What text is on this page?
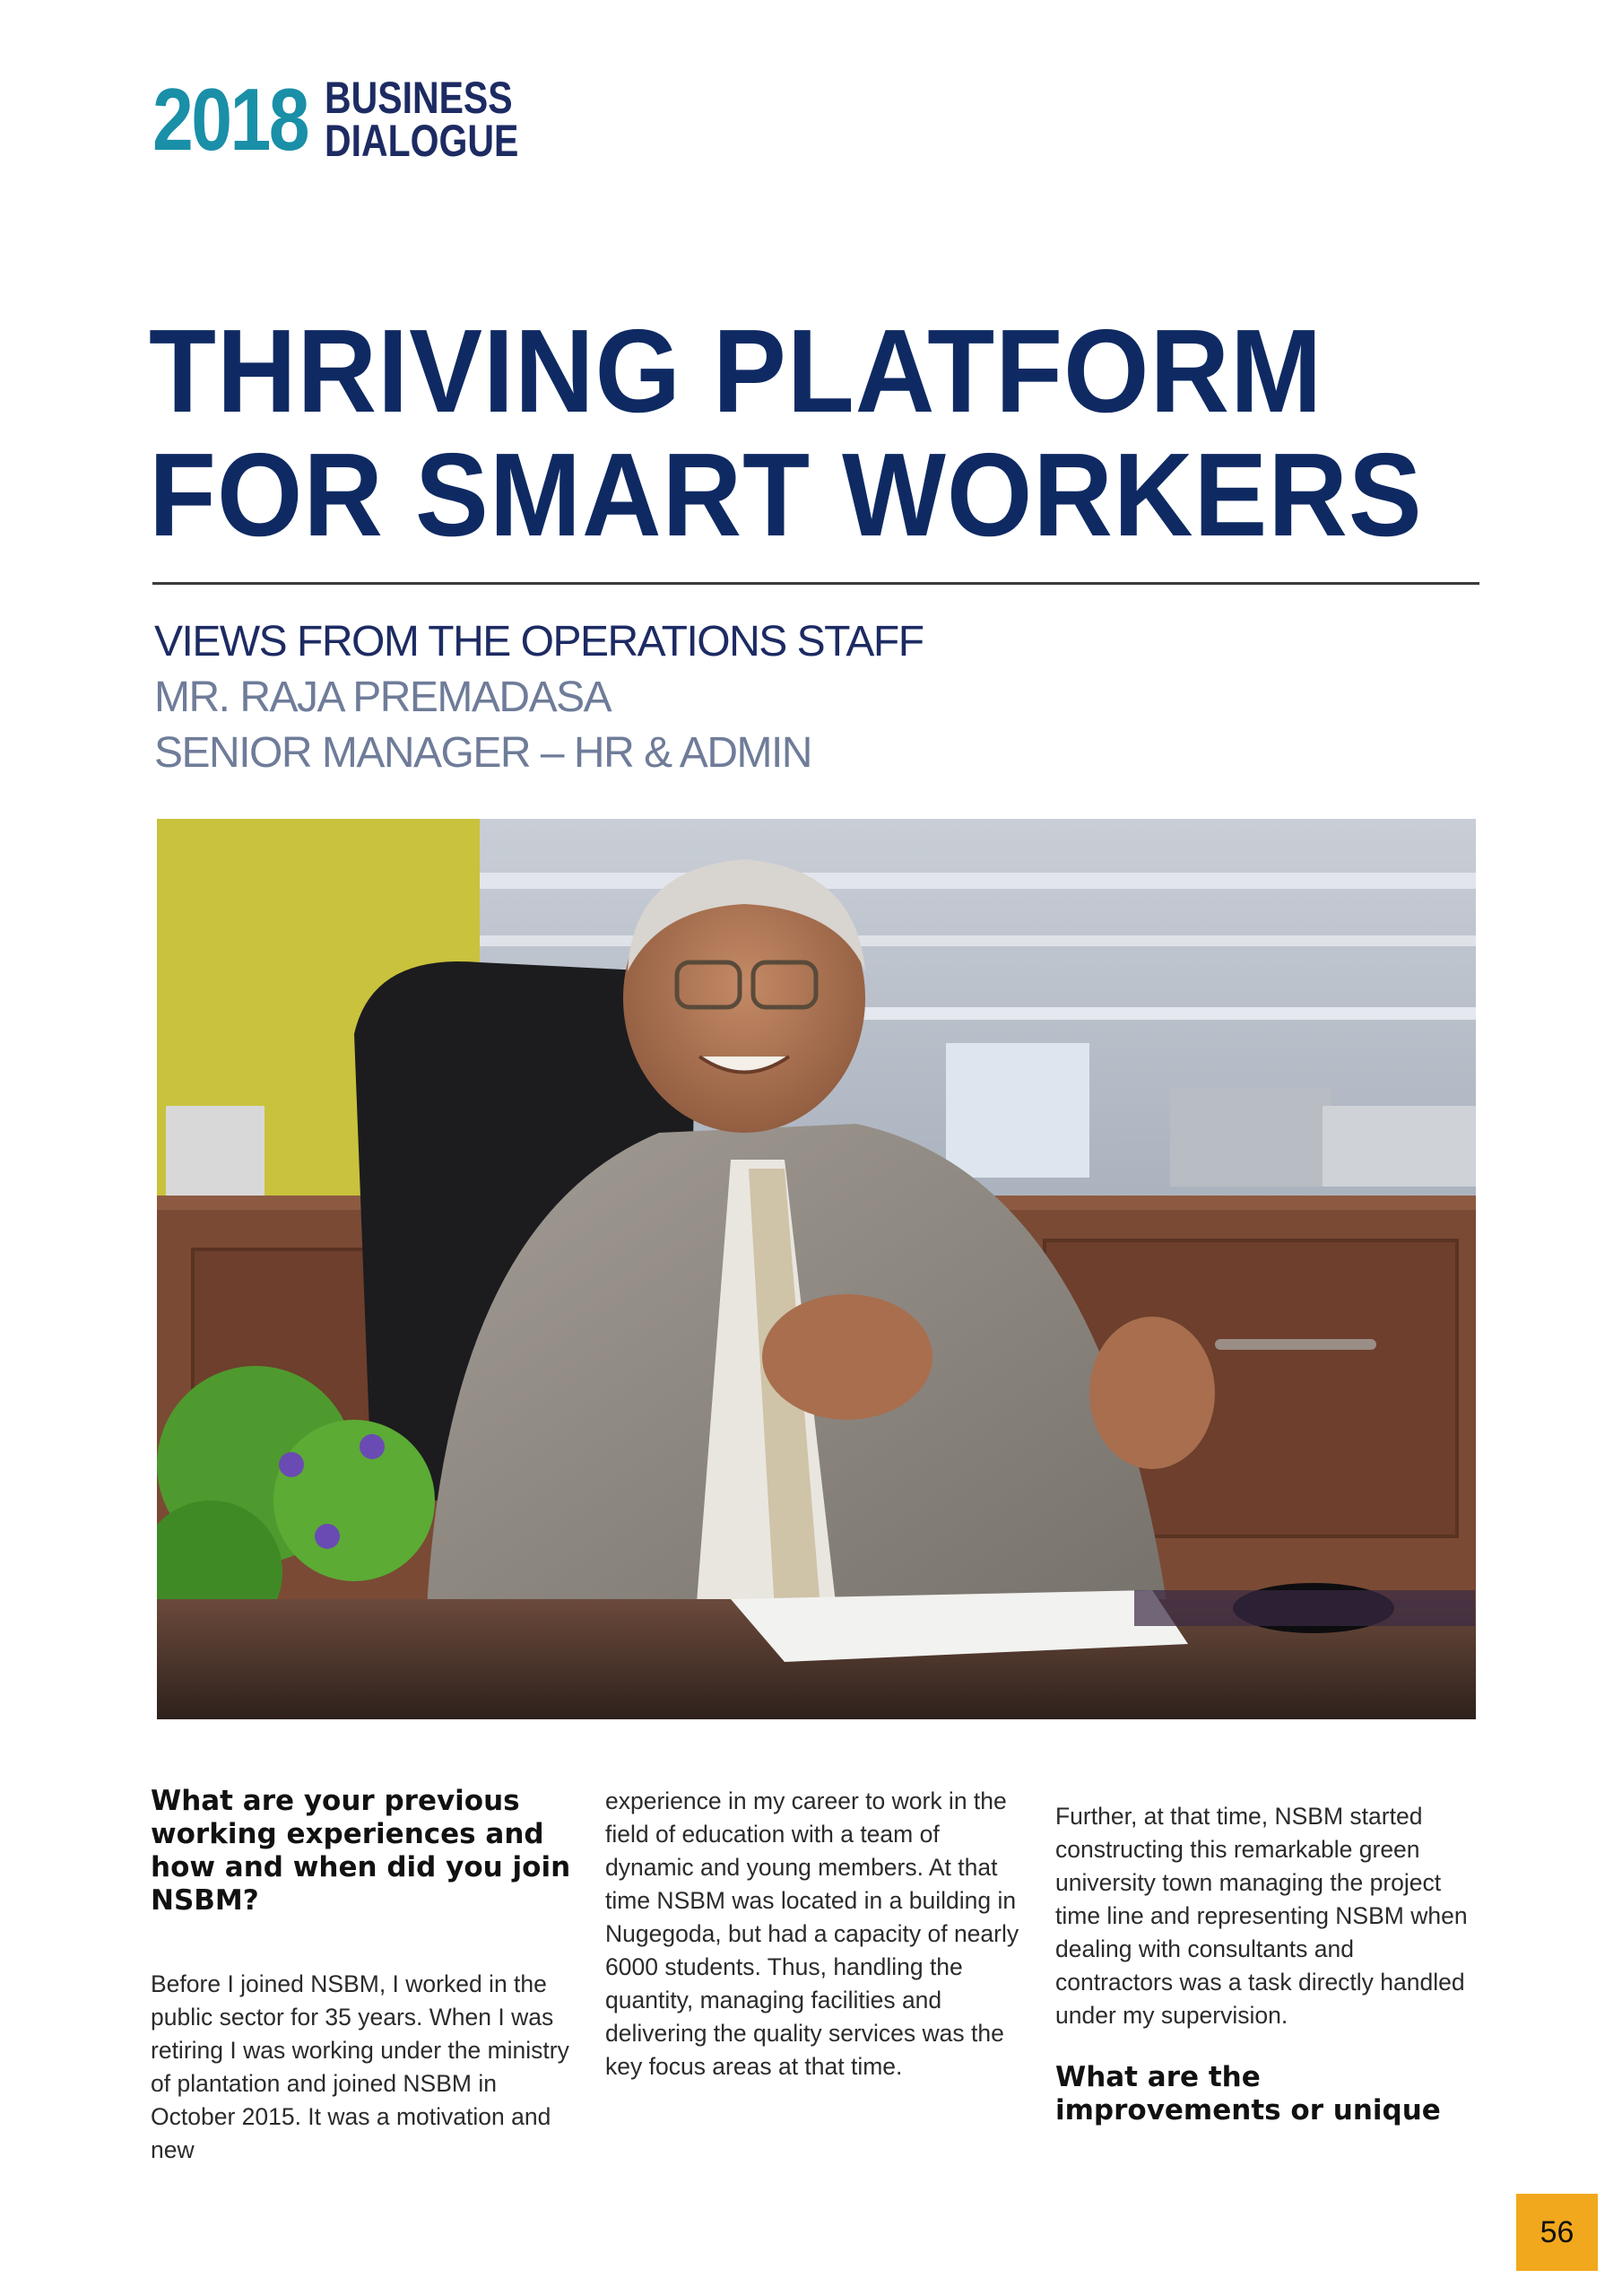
2018 BUSINESS
DIALOGUE
THRIVING PLATFORM
FOR SMART WORKERS
VIEWS FROM THE OPERATIONS STAFF
MR. RAJA PREMADASA
SENIOR MANAGER – HR & ADMIN

What are your previous working experiences and how and when did you join NSBM?

Before I joined NSBM, I worked in the public sector for 35 years. When I was retiring I was working under the ministry of plantation and joined NSBM in October 2015. It was a motivation and new

experience in my career to work in the field of education with a team of dynamic and young members. At that time NSBM was located in a building in Nugegoda, but had a capacity of nearly 6000 students. Thus, handling the quantity, managing facilities and delivering the quality services was the key focus areas at that time.

Further, at that time, NSBM started constructing this remarkable green university town managing the project time line and representing NSBM when dealing with consultants and contractors was a task directly handled under my supervision.

What are the improvements or unique

56
